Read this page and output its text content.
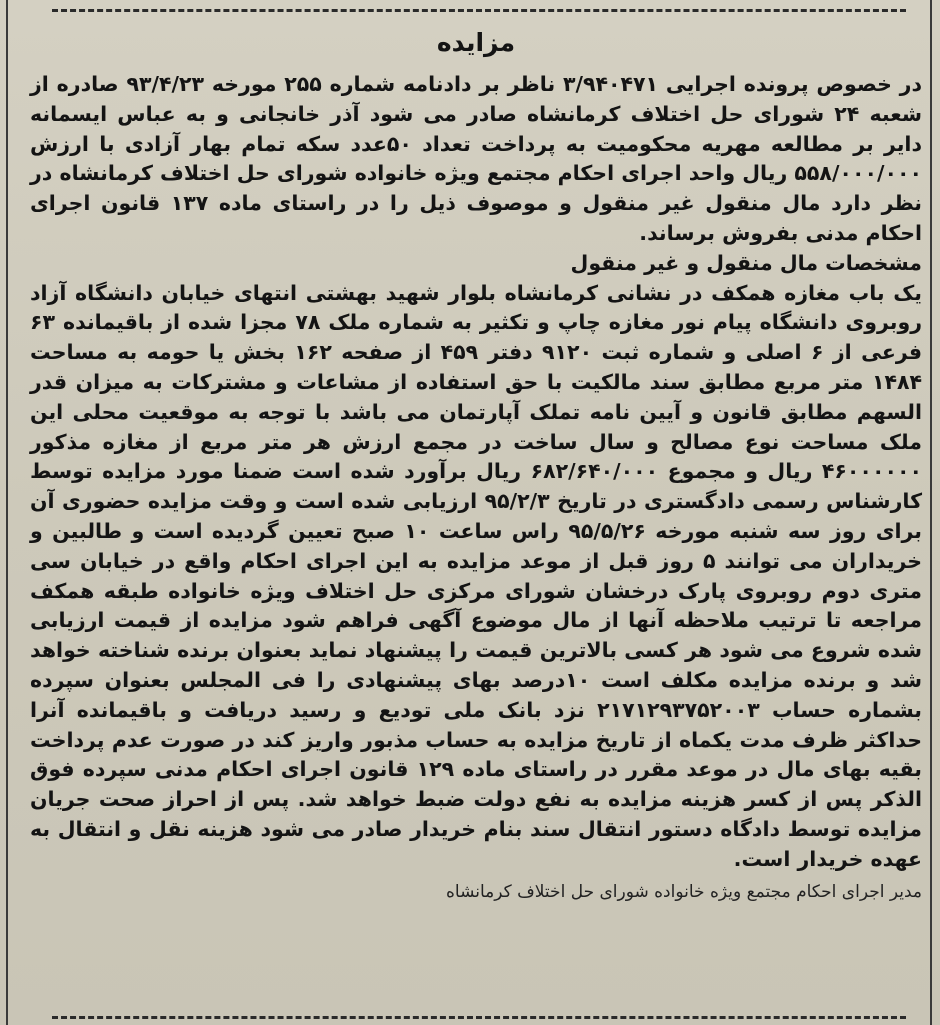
مزایده

در خصوص پرونده اجرایی ۳/۹۴۰۴۷۱ ناظر بر دادنامه شماره ۲۵۵ مورخه ۹۳/۴/۲۳ صادره از شعبه ۲۴ شورای حل اختلاف کرمانشاه صادر می شود آذر خانجانی و به عباس ایسمانه دایر بر مطالعه مهریه محکومیت به پرداخت تعداد ۵۰عدد سکه تمام بهار آزادی با ارزش ۵۵۸/۰۰۰/۰۰۰ ریال واحد اجرای احکام مجتمع ویژه خانواده شورای حل اختلاف کرمانشاه در نظر دارد مال منقول غیر منقول و موصوف ذیل را در راستای ماده ۱۳۷ قانون اجرای احکام مدنی بفروش برساند.

مشخصات مال منقول و غیر منقول

یک باب مغازه همکف در نشانی کرمانشاه بلوار شهید بهشتی انتهای خیابان دانشگاه آزاد روبروی دانشگاه پیام نور مغازه چاپ و تکثیر به شماره ملک ۷۸ مجزا شده از باقیمانده ۶۳ فرعی از ۶ اصلی و شماره ثبت ۹۱۲۰ دفتر ۴۵۹ از صفحه ۱۶۲ بخش یا حومه به مساحت ۱۴۸۴ متر مربع مطابق سند مالکیت با حق استفاده از مشاعات و مشترکات به میزان قدر السهم مطابق قانون و آیین نامه تملک آپارتمان می باشد با توجه به موقعیت محلی این ملک مساحت نوع مصالح و سال ساخت در مجمع ارزش هر متر مربع از مغازه مذکور ۴۶۰۰۰۰۰۰ ریال و مجموع ۶۸۲/۶۴۰/۰۰۰ ریال برآورد شده است ضمنا مورد مزایده توسط کارشناس رسمی دادگستری در تاریخ ۹۵/۲/۳ ارزیابی شده است و وقت مزایده حضوری آن برای روز سه شنبه مورخه ۹۵/۵/۲۶ راس ساعت ۱۰ صبح تعیین گردیده است و طالبین و خریداران می توانند ۵ روز قبل از موعد مزایده به این اجرای احکام واقع در خیابان سی متری دوم روبروی پارک درخشان شورای مرکزی حل اختلاف ویژه خانواده طبقه همکف مراجعه تا ترتیب ملاحظه آنها از مال موضوع آگهی فراهم شود مزایده از قیمت ارزیابی شده شروع می شود هر کسی بالاترین قیمت را پیشنهاد نماید بعنوان برنده شناخته خواهد شد و برنده مزایده مکلف است ۱۰درصد بهای پیشنهادی را فی المجلس بعنوان سپرده بشماره حساب ۲۱۷۱۲۹۳۷۵۲۰۰۳ نزد بانک ملی تودیع و رسید دریافت و باقیمانده آنرا حداکثر ظرف مدت یکماه از تاریخ مزایده به حساب مذبور واریز کند در صورت عدم پرداخت بقیه بهای مال در موعد مقرر در راستای ماده ۱۲۹ قانون اجرای احکام مدنی سپرده فوق الذکر پس از کسر هزینه مزایده به نفع دولت ضبط خواهد شد. پس از احراز صحت جریان مزایده توسط دادگاه دستور انتقال سند بنام خریدار صادر می شود هزینه نقل و انتقال به عهده خریدار است.

مدیر اجرای احکام مجتمع ویژه خانواده شورای حل اختلاف کرمانشاه
